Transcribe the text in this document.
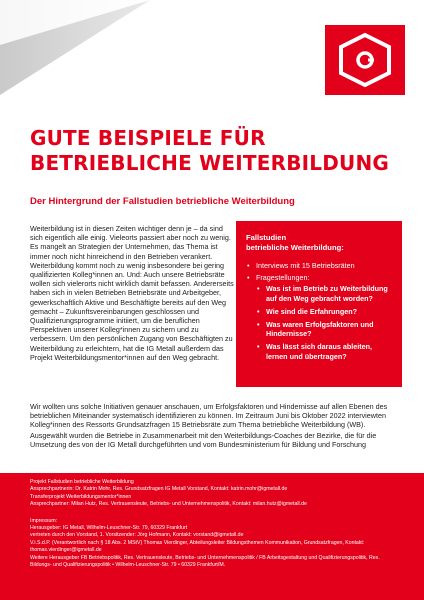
GUTE BEISPIELE FÜR
BETRIEBLICHE WEITERBILDUNG
Der Hintergrund der Fallstudien betriebliche Weiterbildung

Weiterbildung ist in diesen Zeiten wichtiger denn je – da sind sich eigentlich alle einig. Vieleorts passiert aber noch zu wenig. Es mangelt an Strategien der Unternehmen, das Thema ist immer noch nicht hinreichend in den Betrieben verankert. Weiterbildung kommt noch zu wenig insbesondere bei gering qualifizierten Kolleg*innen an. Und: Auch unsere Betriebsräte wollen sich vielerorts nicht wirklich damit befassen. Andererseits haben sich in vielen Betrieben Betriebsräte und Arbeitgeber, gewerkschaftlich Aktive und Beschäftigte bereits auf den Weg gemacht – Zukunftsvereinbarungen geschlossen und Qualifizierungsprogramme initiiert, um die beruflichen Perspektiven unserer Kolleg*innen zu sichern und zu verbessern. Um den persönlichen Zugang von Beschäftigten zu Weiterbildung zu erleichtern, hat die IG Metall außerdem das Projekt Weiterbildungsmentor*innen auf den Weg gebracht.

Fallstudien
betriebliche Weiterbildung:
• Interviews mit 15 Betriebsräten
• Fragestellungen:
• Was ist im Betrieb zu Weiterbildung auf den Weg gebracht worden?
• Wie sind die Erfahrungen?
• Was waren Erfolgsfaktoren und Hindernisse?
• Was lässt sich daraus ableiten, lernen und übertragen?

Wir wollten uns solche Initiativen genauer anschauen, um Erfolgsfaktoren und Hindernisse auf allen Ebenen des betrieblichen Miteinander systematisch identifizieren zu können. Im Zeitraum Juni bis Oktober 2022 interviewten Kolleg*innen des Ressorts Grundsatzfragen 15 Betriebsräte zum Thema betriebliche Weiterbildung (WB).

Ausgewählt wurden die Betriebe in Zusammenarbeit mit den Weiterbildungs-Coaches der Bezirke, die für die Umsetzung des von der IG Metall durchgeführten und vom Bundesministerium für Bildung und Forschung

Projekt Fallstudien betriebliche Weiterbildung
Ansprechpartnerin: Dr. Katrin Mohr, Res. Grundsatzfragen IG Metall Vorstand, Kontakt: katrin.mohr@igmetall.de
Transferprojekt Weiterbildungsmentor*innen
Ansprechpartner: Milan Hutz, Res. Vertrauensleute, Betriebs- und Unternehmenspolitik, Kontakt: milan.hutz@igmetall.de
Impressum:
Herausgeber: IG Metall, Wilhelm-Leuschner-Str. 79, 60329 Frankfurt
vertreten durch den Vorstand, 1. Vorsitzender: Jörg Hofmann, Kontakt: vorstand@igmetall.de
V.i.S.d.P. (Verantwortlich nach § 18 Abs. 2 MStV) Thomas Vierdinger, Abteilungsleiter Bildungsthemen Kommunikation, Grundsatzfragen, Kontakt: thomas.vierdinger@igmetall.de
Weitere Herausgeber FB Betriebspolitik, Res. Vertrauensleute, Betriebs- und Unternehmenspolitik / FB Arbeitsgestaltung und Qualifizierungspolitik, Res. Bildungs- und Qualifizierungspolitik • Wilhelm-Leuschner-Str. 79 • 60329 Frankfurt/M.
